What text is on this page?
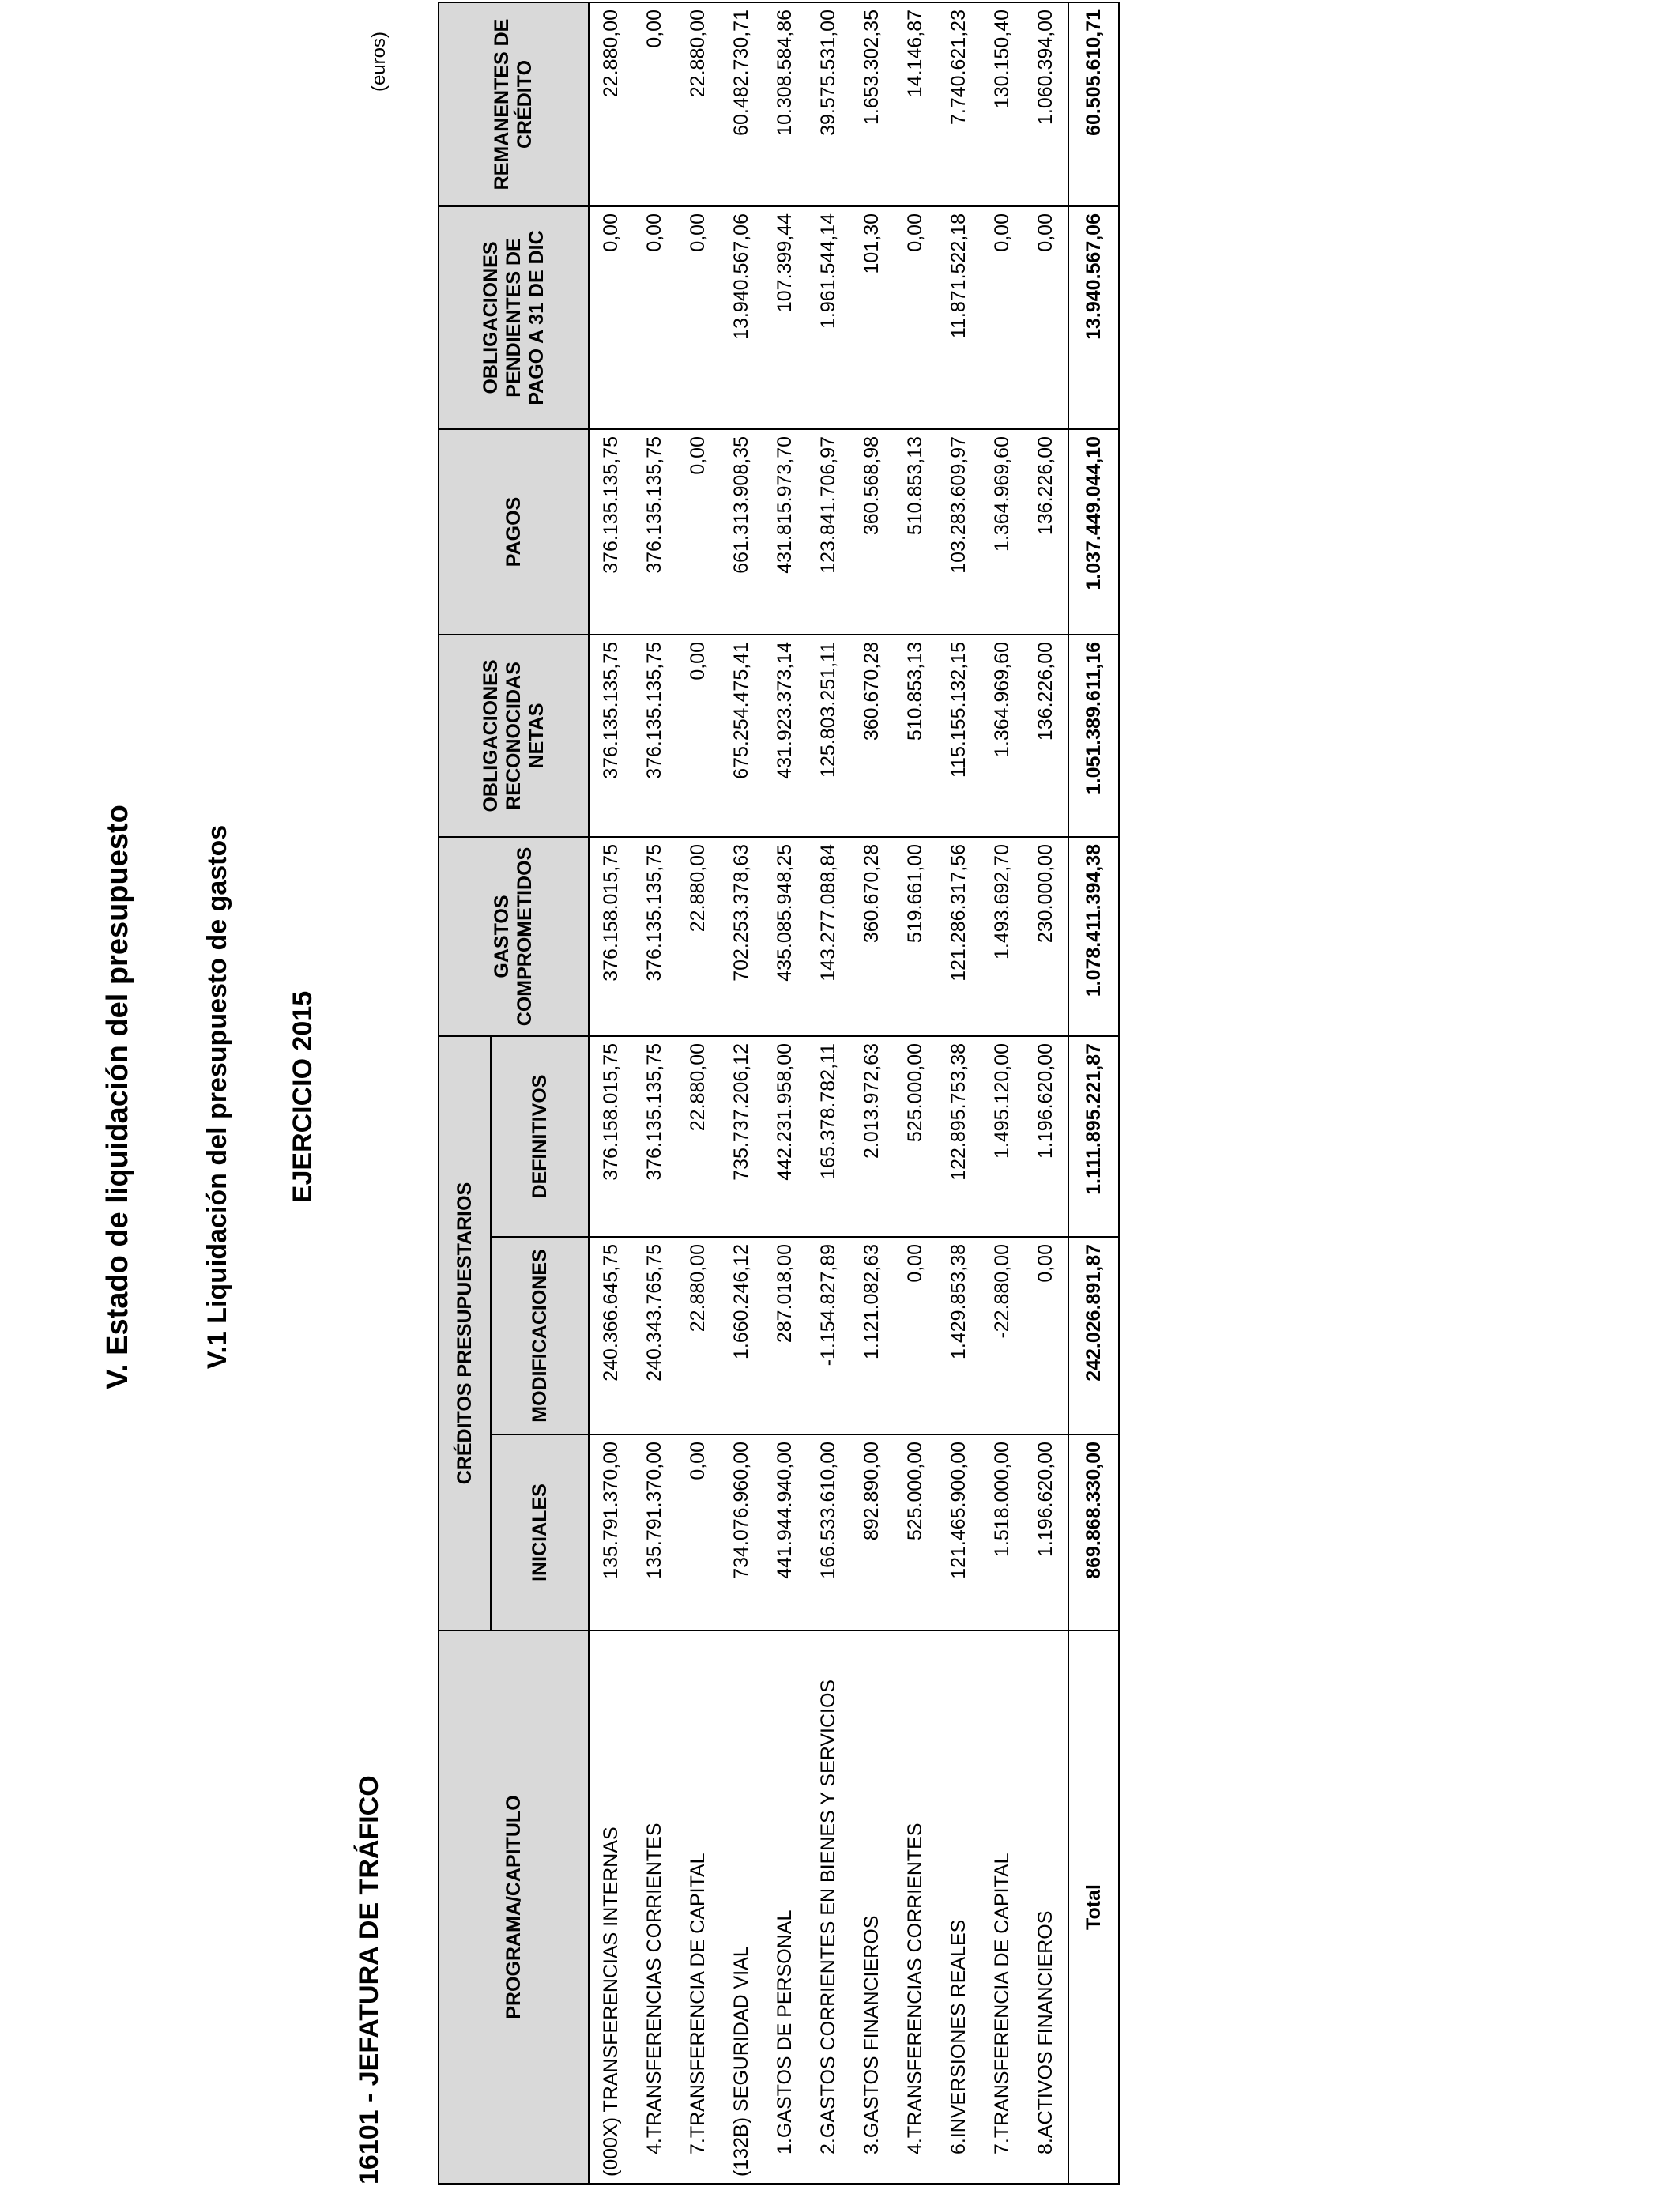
V. Estado de liquidación del presupuesto	V.1 Liquidación del presupuesto de gastos EJERCICIO 2015
16101 - JEFATURA DE TRÁFICO
(euros)
PROGRAMA/CAPITULO	CRÉDITOS PRESUPUESTARIOS			GASTOS COMPROMETIDOS	OBLIGACIONES RECONOCIDAS NETAS	PAGOS	OBLIGACIONES PENDIENTES DE PAGO A 31 DE DIC	REMANENTES DE CRÉDITO
	INICIALES	MODIFICACIONES	DEFINITIVOS					
(000X) TRANSFERENCIAS INTERNAS	135.791.370,00	240.366.645,75	376.158.015,75	376.158.015,75	376.135.135,75	376.135.135,75	0,00	22.880,00
4.TRANSFERENCIAS CORRIENTES	135.791.370,00	240.343.765,75	376.135.135,75	376.135.135,75	376.135.135,75	376.135.135,75	0,00	0,00
7.TRANSFERENCIA DE CAPITAL	0,00	22.880,00	22.880,00	22.880,00	0,00	0,00	0,00	22.880,00
(132B) SEGURIDAD VIAL	734.076.960,00	1.660.246,12	735.737.206,12	702.253.378,63	675.254.475,41	661.313.908,35	13.940.567,06	60.482.730,71
1.GASTOS DE PERSONAL	441.944.940,00	287.018,00	442.231.958,00	435.085.948,25	431.923.373,14	431.815.973,70	107.399,44	10.308.584,86
2.GASTOS CORRIENTES EN BIENES Y SERVICIOS	166.533.610,00	-1.154.827,89	165.378.782,11	143.277.088,84	125.803.251,11	123.841.706,97	1.961.544,14	39.575.531,00
3.GASTOS FINANCIEROS	892.890,00	1.121.082,63	2.013.972,63	360.670,28	360.670,28	360.568,98	101,30	1.653.302,35
4.TRANSFERENCIAS CORRIENTES	525.000,00	0,00	525.000,00	519.661,00	510.853,13	510.853,13	0,00	14.146,87
6.INVERSIONES REALES	121.465.900,00	1.429.853,38	122.895.753,38	121.286.317,56	115.155.132,15	103.283.609,97	11.871.522,18	7.740.621,23
7.TRANSFERENCIA DE CAPITAL	1.518.000,00	-22.880,00	1.495.120,00	1.493.692,70	1.364.969,60	1.364.969,60	0,00	130.150,40
8.ACTIVOS FINANCIEROS	1.196.620,00	0,00	1.196.620,00	230.000,00	136.226,00	136.226,00	0,00	1.060.394,00
Total	869.868.330,00	242.026.891,87	1.111.895.221,87	1.078.411.394,38	1.051.389.611,16	1.037.449.044,10	13.940.567,06	60.505.610,71
